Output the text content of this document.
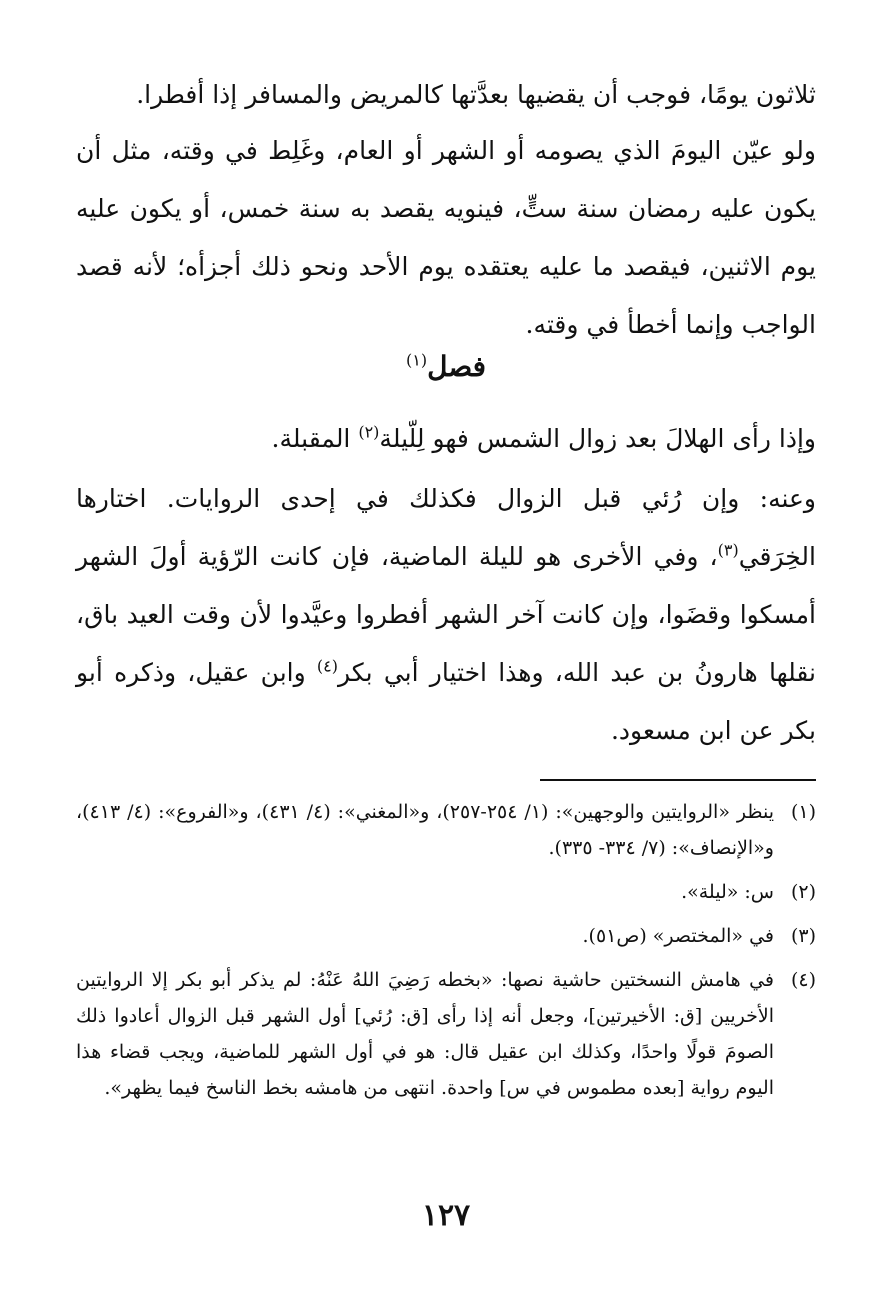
ثلاثون يومًا، فوجب أن يقضيها بعدَّتها كالمريض والمسافر إذا أفطرا.

ولو عيّن اليومَ الذي يصومه أو الشهر أو العام، وغَلِط في وقته، مثل أن يكون عليه رمضان سنة ستٍّ، فينويه يقصد به سنة خمس، أو يكون عليه يوم الاثنين، فيقصد ما عليه يعتقده يوم الأحد ونحو ذلك أجزأه؛ لأنه قصد الواجب وإنما أخطأ في وقته.

فصل$^{(١)}$

وإذا رأى الهلالَ بعد زوال الشمس فهو لِلّيلة$^{(٢)}$ المقبلة.

وعنه: وإن رُئي قبل الزوال فكذلك في إحدى الروايات. اختارها الخِرَقي$^{(٣)}$، وفي الأخرى هو لليلة الماضية، فإن كانت الرّؤية أولَ الشهر أمسكوا وقضَوا، وإن كانت آخر الشهر أفطروا وعيَّدوا لأن وقت العيد باق، نقلها هارونُ بن عبد الله، وهذا اختيار أبي بكر$^{(٤)}$ وابن عقيل، وذكره أبو بكر عن ابن مسعود.

(١)
ينظر «الروايتين والوجهين»: (١/ ٢٥٤-٢٥٧)، و«المغني»: (٤/ ٤٣١)، و«الفروع»: (٤/ ٤١٣)، و«الإنصاف»: (٧/ ٣٣٤- ٣٣٥).
(٢)
س: «ليلة».
(٣)
في «المختصر» (ص٥١).
(٤)
في هامش النسختين حاشية نصها: «بخطه رَضِيَ اللهُ عَنْهُ: لم يذكر أبو بكر إلا الروايتين الأخريين [ق: الأخيرتين]، وجعل أنه إذا رأى [ق: رُئي] أول الشهر قبل الزوال أعادوا ذلك الصومَ قولًا واحدًا، وكذلك ابن عقيل قال: هو في أول الشهر للماضية، ويجب قضاء هذا اليوم رواية [بعده مطموس في س] واحدة. انتهى من هامشه بخط الناسخ فيما يظهر».
١٢٧
